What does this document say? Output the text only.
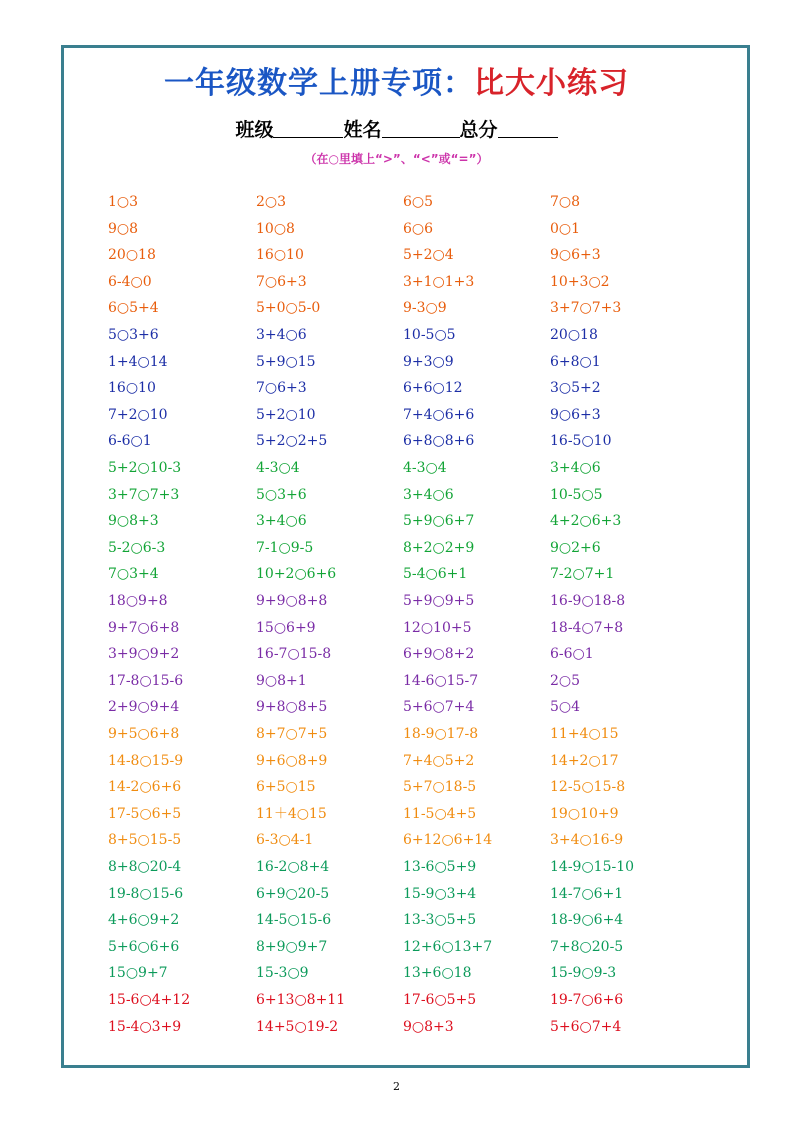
一年级数学上册专项：比大小练习
班级	姓名	总分
（在○里填上“>”、“<”或“=”）
1○3	2○3	6○5	7○8
9○8	10○8	6○6	0○1
20○18	16○10	5+2○4	9○6+3
6-4○0	7○6+3	3+1○1+3	10+3○2
6○5+4	5+0○5-0	9-3○9	3+7○7+3
5○3+6	3+4○6	10-5○5	20○18
1+4○14	5+9○15	9+3○9	6+8○1
16○10	7○6+3	6+6○12	3○5+2
7+2○10	5+2○10	7+4○6+6	9○6+3
6-6○1	5+2○2+5	6+8○8+6	16-5○10
5+2○10-3	4-3○4	4-3○4	3+4○6
3+7○7+3	5○3+6	3+4○6	10-5○5
9○8+3	3+4○6	5+9○6+7	4+2○6+3
5-2○6-3	7-1○9-5	8+2○2+9	9○2+6
7○3+4	10+2○6+6	5-4○6+1	7-2○7+1
18○9+8	9+9○8+8	5+9○9+5	16-9○18-8
9+7○6+8	15○6+9	12○10+5	18-4○7+8
3+9○9+2	16-7○15-8	6+9○8+2	6-6○1
17-8○15-6	9○8+1	14-6○15-7	2○5
2+9○9+4	9+8○8+5	5+6○7+4	5○4
9+5○6+8	8+7○7+5	18-9○17-8	11+4○15
14-8○15-9	9+6○8+9	7+4○5+2	14+2○17
14-2○6+6	6+5○15	5+7○18-5	12-5○15-8
17-5○6+5	11＋4○15	11-5○4+5	19○10+9
8+5○15-5	6-3○4-1	6+12○6+14	3+4○16-9
8+8○20-4	16-2○8+4	13-6○5+9	14-9○15-10
19-8○15-6	6+9○20-5	15-9○3+4	14-7○6+1
4+6○9+2	14-5○15-6	13-3○5+5	18-9○6+4
5+6○6+6	8+9○9+7	12+6○13+7	7+8○20-5
15○9+7	15-3○9	13+6○18	15-9○9-3
15-6○4+12	6+13○8+11	17-6○5+5	19-7○6+6
15-4○3+9	14+5○19-2	9○8+3	5+6○7+4
2
